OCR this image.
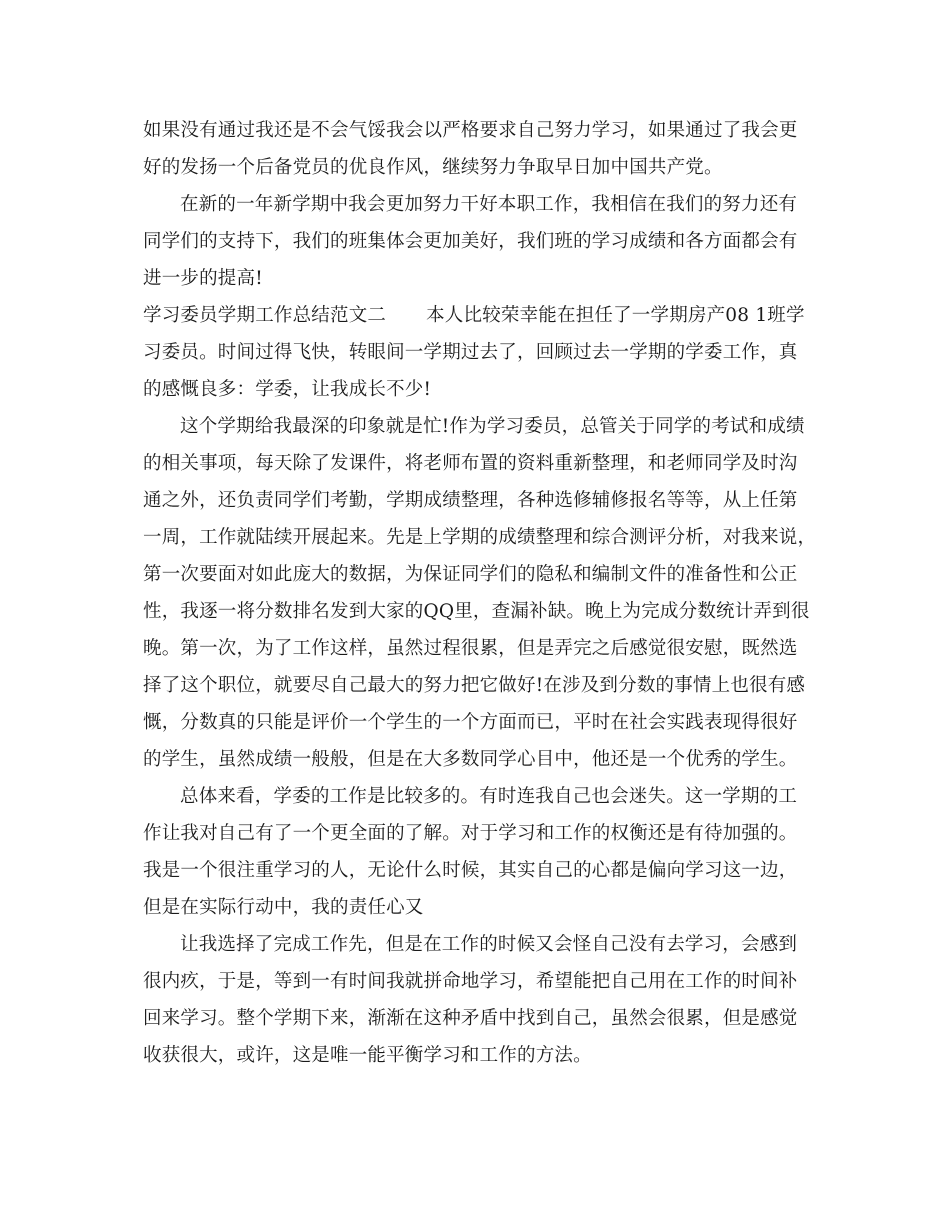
如果没有通过我还是不会气馁我会以严格要求自己努力学习，如果通过了我会更
好的发扬一个后备党员的优良作风，继续努力争取早日加中国共产党。
在新的一年新学期中我会更加努力干好本职工作，我相信在我们的努力还有
同学们的支持下，我们的班集体会更加美好，我们班的学习成绩和各方面都会有
进一步的提高!
学习委员学期工作总结范文二 本人比较荣幸能在担任了一学期房产08 1班学
习委员。时间过得飞快，转眼间一学期过去了，回顾过去一学期的学委工作，真
的感慨良多：学委，让我成长不少!
这个学期给我最深的印象就是忙!作为学习委员，总管关于同学的考试和成绩
的相关事项，每天除了发课件，将老师布置的资料重新整理，和老师同学及时沟
通之外，还负责同学们考勤，学期成绩整理，各种选修辅修报名等等，从上任第
一周，工作就陆续开展起来。先是上学期的成绩整理和综合测评分析，对我来说，
第一次要面对如此庞大的数据，为保证同学们的隐私和编制文件的准备性和公正
性，我逐一将分数排名发到大家的QQ里，查漏补缺。晚上为完成分数统计弄到很
晚。第一次，为了工作这样，虽然过程很累，但是弄完之后感觉很安慰，既然选
择了这个职位，就要尽自己最大的努力把它做好!在涉及到分数的事情上也很有感
慨，分数真的只能是评价一个学生的一个方面而已，平时在社会实践表现得很好
的学生，虽然成绩一般般，但是在大多数同学心目中，他还是一个优秀的学生。
总体来看，学委的工作是比较多的。有时连我自己也会迷失。这一学期的工
作让我对自己有了一个更全面的了解。对于学习和工作的权衡还是有待加强的。
我是一个很注重学习的人，无论什么时候，其实自己的心都是偏向学习这一边，
但是在实际行动中，我的责任心又
让我选择了完成工作先，但是在工作的时候又会怪自己没有去学习，会感到
很内疚，于是，等到一有时间我就拼命地学习，希望能把自己用在工作的时间补
回来学习。整个学期下来，渐渐在这种矛盾中找到自己，虽然会很累，但是感觉
收获很大，或许，这是唯一能平衡学习和工作的方法。
